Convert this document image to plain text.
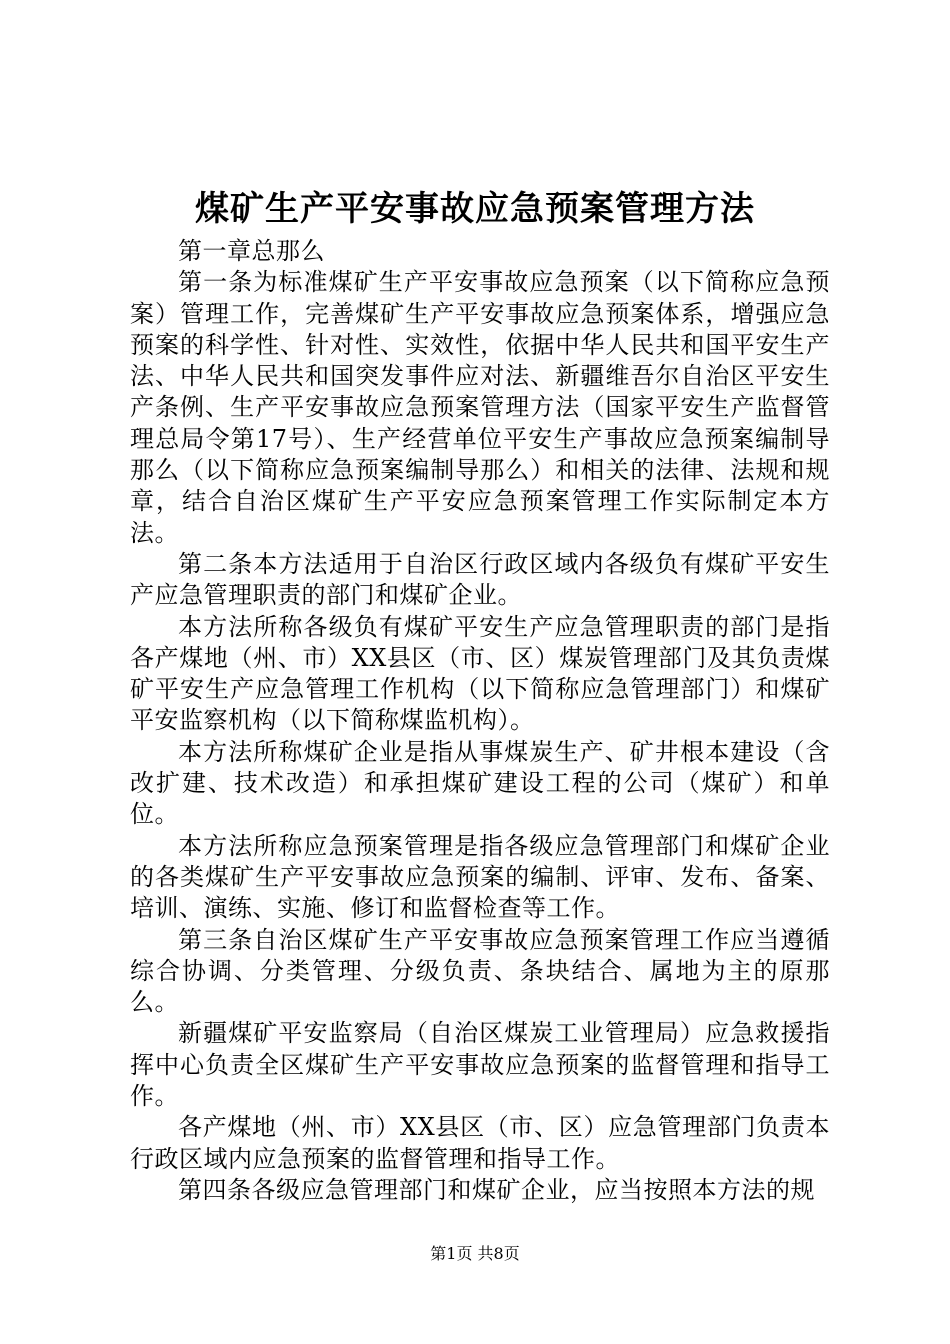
煤矿生产平安事故应急预案管理方法

第一章总那么

第一条为标准煤矿生产平安事故应急预案（以下简称应急预案）管理工作，完善煤矿生产平安事故应急预案体系，增强应急预案的科学性、针对性、实效性，依据中华人民共和国平安生产法、中华人民共和国突发事件应对法、新疆维吾尔自治区平安生产条例、生产平安事故应急预案管理方法（国家平安生产监督管理总局令第17号）、生产经营单位平安生产事故应急预案编制导那么（以下简称应急预案编制导那么）和相关的法律、法规和规章，结合自治区煤矿生产平安应急预案管理工作实际制定本方法。

第二条本方法适用于自治区行政区域内各级负有煤矿平安生产应急管理职责的部门和煤矿企业。

本方法所称各级负有煤矿平安生产应急管理职责的部门是指各产煤地（州、市）XX县区（市、区）煤炭管理部门及其负责煤矿平安生产应急管理工作机构（以下简称应急管理部门）和煤矿平安监察机构（以下简称煤监机构）。

本方法所称煤矿企业是指从事煤炭生产、矿井根本建设（含改扩建、技术改造）和承担煤矿建设工程的公司（煤矿）和单位。

本方法所称应急预案管理是指各级应急管理部门和煤矿企业的各类煤矿生产平安事故应急预案的编制、评审、发布、备案、培训、演练、实施、修订和监督检查等工作。

第三条自治区煤矿生产平安事故应急预案管理工作应当遵循综合协调、分类管理、分级负责、条块结合、属地为主的原那么。

新疆煤矿平安监察局（自治区煤炭工业管理局）应急救援指挥中心负责全区煤矿生产平安事故应急预案的监督管理和指导工作。

各产煤地（州、市）XX县区（市、区）应急管理部门负责本行政区域内应急预案的监督管理和指导工作。

第四条各级应急管理部门和煤矿企业，应当按照本方法的规

第1页 共8页
